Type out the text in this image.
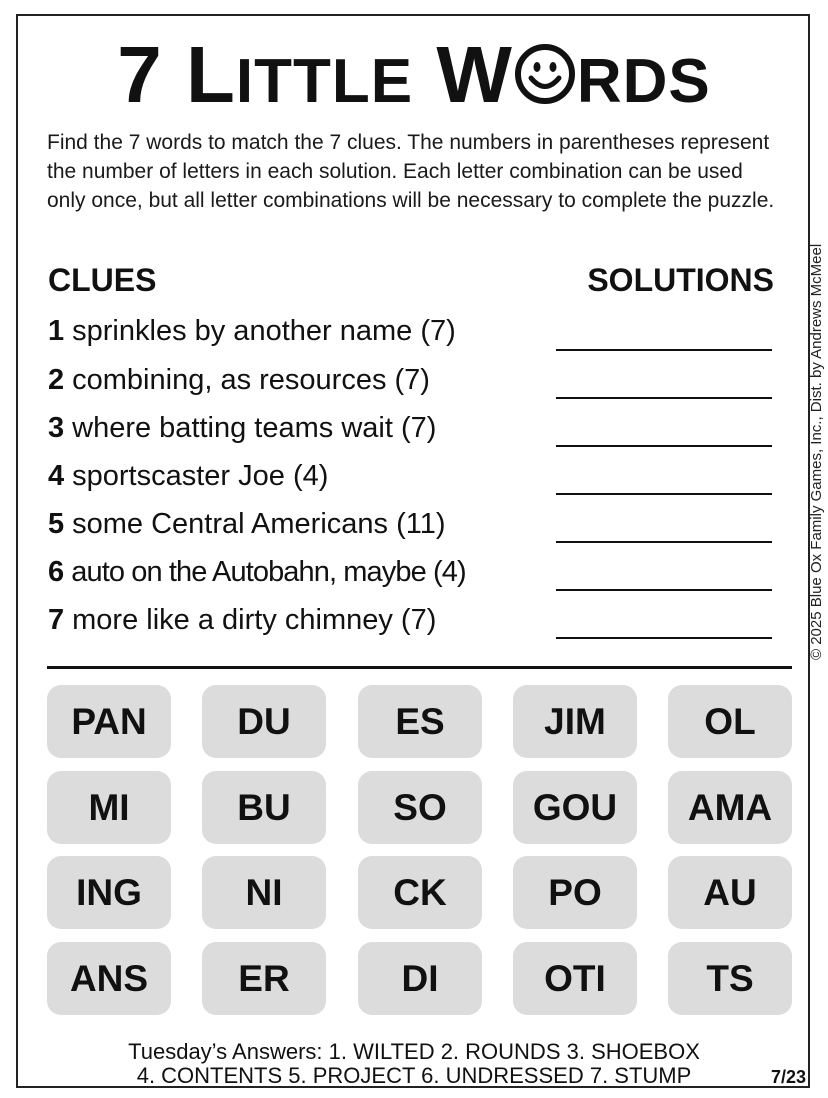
7 LITTLE W RDS
Find the 7 words to match the 7 clues. The numbers in parentheses represent the number of letters in each solution. Each letter combination can be used only once, but all letter combinations will be necessary to complete the puzzle.
© 2025 Blue Ox Family Games, Inc., Dist. by Andrews McMeel
CLUES	SOLUTIONS
1 sprinkles by another name (7)
2 combining, as resources (7)
3 where batting teams wait (7)
4 sportscaster Joe (4)
5 some Central Americans (11)
6 auto on the Autobahn, maybe (4)
7 more like a dirty chimney (7)
PAN	DU	ES	JIM	OL
MI	BU	SO	GOU	AMA
ING	NI	CK	PO	AU
ANS	ER	DI	OTI	TS
Tuesday’s Answers: 1. WILTED 2. ROUNDS 3. SHOEBOX
4. CONTENTS 5. PROJECT 6. UNDRESSED 7. STUMP	7/23
